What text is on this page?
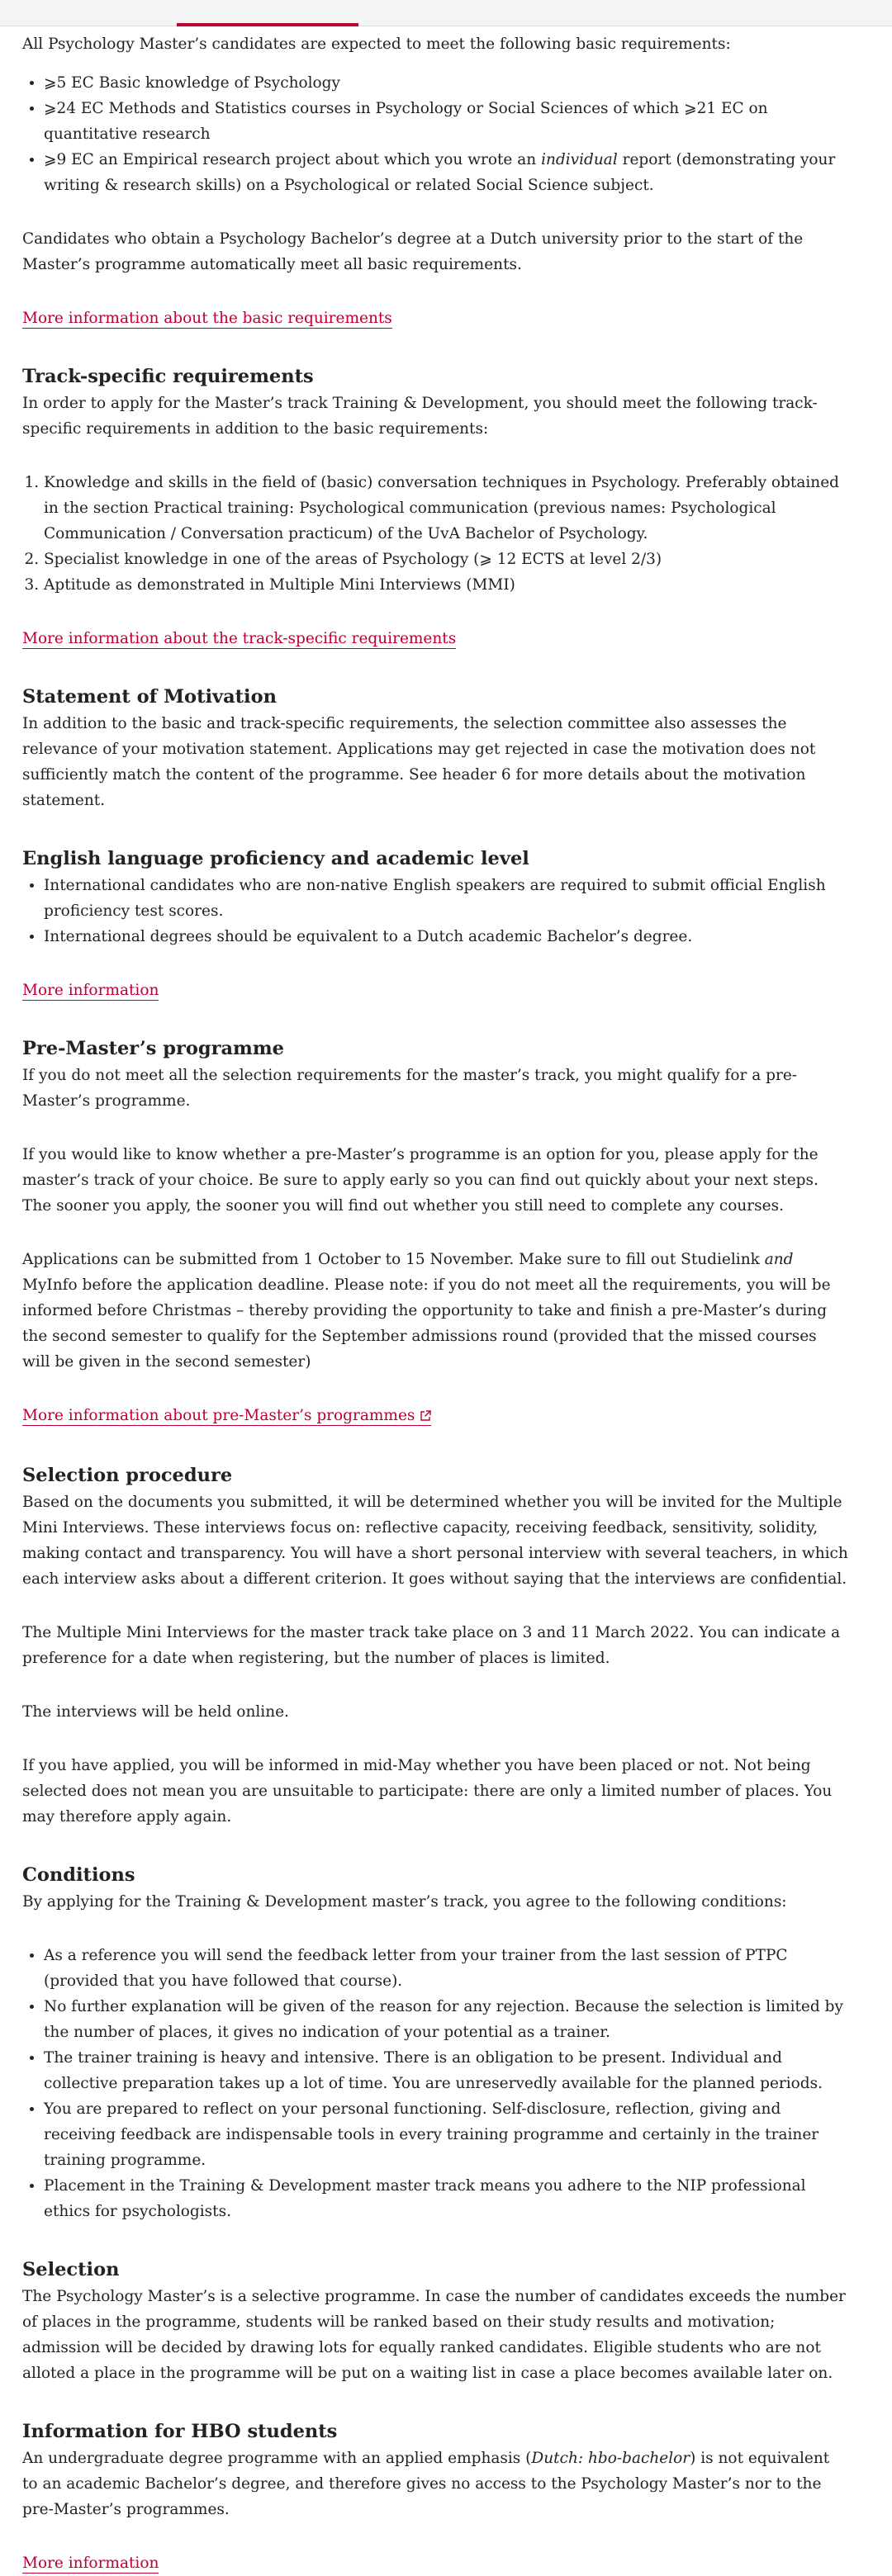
All Psychology Master’s candidates are expected to meet the following basic requirements:

• ⩾5 EC Basic knowledge of Psychology
• ⩾24 EC Methods and Statistics courses in Psychology or Social Sciences of which ⩾21 EC on quantitative research
• ⩾9 EC an Empirical research project about which you wrote an individual report (demonstrating your writing & research skills) on a Psychological or related Social Science subject.

Candidates who obtain a Psychology Bachelor’s degree at a Dutch university prior to the start of the Master’s programme automatically meet all basic requirements.

More information about the basic requirements

Track-specific requirements

In order to apply for the Master’s track Training & Development, you should meet the following track-specific requirements in addition to the basic requirements:

1. Knowledge and skills in the field of (basic) conversation techniques in Psychology. Preferably obtained in the section Practical training: Psychological communication (previous names: Psychological Communication / Conversation practicum) of the UvA Bachelor of Psychology.
2. Specialist knowledge in one of the areas of Psychology (⩾ 12 ECTS at level 2/3)
3. Aptitude as demonstrated in Multiple Mini Interviews (MMI)

More information about the track-specific requirements

Statement of Motivation

In addition to the basic and track-specific requirements, the selection committee also assesses the relevance of your motivation statement. Applications may get rejected in case the motivation does not sufficiently match the content of the programme. See header 6 for more details about the motivation statement.

English language proficiency and academic level
• International candidates who are non-native English speakers are required to submit official English proficiency test scores.
• International degrees should be equivalent to a Dutch academic Bachelor’s degree.

More information

Pre-Master’s programme

If you do not meet all the selection requirements for the master’s track, you might qualify for a pre-Master’s programme.

If you would like to know whether a pre-Master’s programme is an option for you, please apply for the master’s track of your choice. Be sure to apply early so you can find out quickly about your next steps. The sooner you apply, the sooner you will find out whether you still need to complete any courses.

Applications can be submitted from 1 October to 15 November. Make sure to fill out Studielink and MyInfo before the application deadline. Please note: if you do not meet all the requirements, you will be informed before Christmas – thereby providing the opportunity to take and finish a pre-Master’s during the second semester to qualify for the September admissions round (provided that the missed courses will be given in the second semester)

More information about pre-Master’s programmes

Selection procedure

Based on the documents you submitted, it will be determined whether you will be invited for the Multiple Mini Interviews. These interviews focus on: reflective capacity, receiving feedback, sensitivity, solidity, making contact and transparency. You will have a short personal interview with several teachers, in which each interview asks about a different criterion. It goes without saying that the interviews are confidential.

The Multiple Mini Interviews for the master track take place on 3 and 11 March 2022. You can indicate a preference for a date when registering, but the number of places is limited.

The interviews will be held online.

If you have applied, you will be informed in mid-May whether you have been placed or not. Not being selected does not mean you are unsuitable to participate: there are only a limited number of places. You may therefore apply again.

Conditions

By applying for the Training & Development master’s track, you agree to the following conditions:

• As a reference you will send the feedback letter from your trainer from the last session of PTPC (provided that you have followed that course).
• No further explanation will be given of the reason for any rejection. Because the selection is limited by the number of places, it gives no indication of your potential as a trainer.
• The trainer training is heavy and intensive. There is an obligation to be present. Individual and collective preparation takes up a lot of time. You are unreservedly available for the planned periods.
• You are prepared to reflect on your personal functioning. Self-disclosure, reflection, giving and receiving feedback are indispensable tools in every training programme and certainly in the trainer training programme.
• Placement in the Training & Development master track means you adhere to the NIP professional ethics for psychologists.
Selection

The Psychology Master’s is a selective programme. In case the number of candidates exceeds the number of places in the programme, students will be ranked based on their study results and motivation; admission will be decided by drawing lots for equally ranked candidates. Eligible students who are not alloted a place in the programme will be put on a waiting list in case a place becomes available later on.

Information for HBO students

An undergraduate degree programme with an applied emphasis (Dutch: hbo-bachelor) is not equivalent to an academic Bachelor’s degree, and therefore gives no access to the Psychology Master’s nor to the pre-Master’s programmes.

More information
